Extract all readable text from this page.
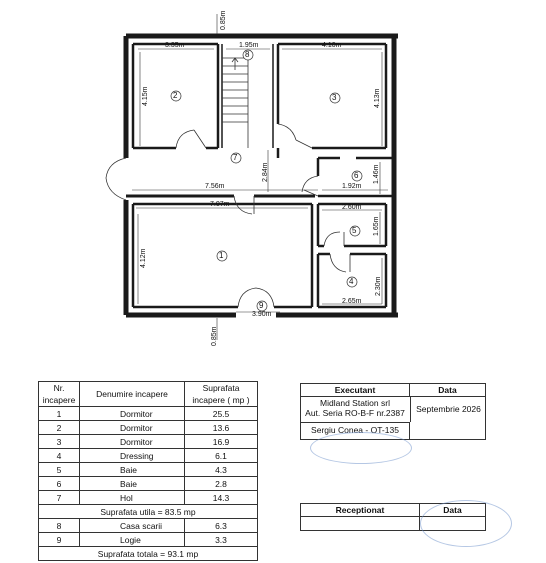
1
2	3
4
5
6
7
8
9
3.35m	1.95m	4.10m
0.85m
4.15m	4.13m
2.84m
7.56m	1.92m
1.46m
7.07m	2.60m
1.65m
4.12m
2.30m
2.65m
3.90m
0.85m
Nr. incapere	Denumire incapere	Suprafata incapere ( mp )
1	Dormitor	25.5
2	Dormitor	13.6
3	Dormitor	16.9
4	Dressing	6.1
5	Baie	4.3
6	Baie	2.8
7	Hol	14.3
Suprafata utila = 83.5 mp		
8	Casa scarii	6.3
9	Logie	3.3
Suprafata totala = 93.1 mp		
Executant	Data
Midland Station srl
Aut. Seria RO-B-F nr.2387	Septembrie 2026
Sergiu Conea - OT-135
Receptionat	Data
